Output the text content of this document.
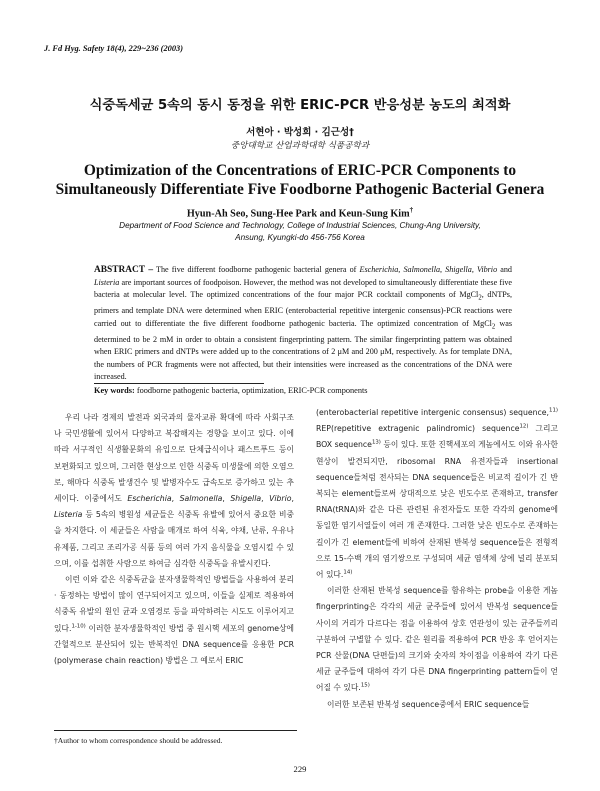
J. Fd Hyg. Safety 18(4), 229~236 (2003)
식중독세균 5속의 동시 동정을 위한 ERIC-PCR 반응성분 농도의 최적화
서현아 · 박성희 · 김근성†
중앙대학교 산업과학대학 식품공학과
Optimization of the Concentrations of ERIC-PCR Components to
Simultaneously Differentiate Five Foodborne Pathogenic Bacterial Genera
Hyun-Ah Seo, Sung-Hee Park and Keun-Sung Kim†
Department of Food Science and Technology, College of Industrial Sciences, Chung-Ang University,
Ansung, Kyungki-do 456-756 Korea
ABSTRACT – The five different foodborne pathogenic bacterial genera of Escherichia, Salmonella, Shigella, Vibrio and Listeria are important sources of foodpoison. However, the method was not developed to simultaneously differentiate these five bacteria at molecular level. The optimized concentrations of the four major PCR cocktail components of MgCl$_2$, dNTPs, primers and template DNA were determined when ERIC (enterobacterial repetitive intergenic consensus)-PCR reactions were carried out to differentiate the five different foodborne pathogenic bacteria. The optimized concentration of MgCl$_2$ was determined to be 2 mM in order to obtain a consistent fingerprinting pattern. The similar fingerprinting pattern was obtained when ERIC primers and dNTPs were added up to the concentrations of 2 μM and 200 μM, respectively. As for template DNA, the numbers of PCR fragments were not affected, but their intensities were increased as the concentrations of the DNA were increased.
Key words: foodborne pathogenic bacteria, optimization, ERIC-PCR components

우리 나라 경제의 발전과 외국과의 물자교류 확대에 따라 사회구조나 국민생활에 있어서 다양하고 복잡해지는 경향을 보이고 있다. 이에 따라 서구적인 식생활문화의 유입으로 단체급식이나 패스트푸드 등이 보편화되고 있으며, 그러한 현상으로 인한 식중독 미생물에 의한 오염으로, 해마다 식중독 발생건수 및 발병자수도 급속도로 증가하고 있는 추세이다. 이중에서도 Escherichia, Salmonella, Shigella, Vibrio, Listeria 등 5속의 병원성 세균들은 식중독 유발에 있어서 중요한 비중을 차지한다. 이 세균들은 사람을 매개로 하여 식육, 야채, 난류, 우유나 유제품, 그리고 조리가공 식품 등의 여러 가지 음식물을 오염시킬 수 있으며, 이를 섭취한 사람으로 하여금 심각한 식중독을 유발시킨다.

이런 이와 같은 식중독균을 분자생물학적인 방법들을 사용하여 분리 · 동정하는 방법이 많이 연구되어지고 있으며, 이들을 실제로 적용하여 식중독 유발의 원인 균과 오염경로 등을 파악하려는 시도도 이루어지고 있다.$^{1-10)}$ 이러한 분자생물학적인 방법 중 원시핵 세포의 genome상에 간헐적으로 분산되어 있는 반복적인 DNA sequence를 응용한 PCR (polymerase chain reaction) 방법은 그 예로서 ERIC

(enterobacterial repetitive intergenic consensus) sequence,$^{11)}$ REP(repetitive extragenic palindromic) sequence$^{12)}$ 그리고 BOX sequence$^{13)}$ 등이 있다. 또한 진핵세포의 게놈에서도 이와 유사한 현상이 발견되지만, ribosomal RNA 유전자들과 insertional sequence들처럼 전사되는 DNA sequence들은 비교적 길이가 긴 반복되는 element들로써 상대적으로 낮은 빈도수로 존재하고, transfer RNA(tRNA)와 같은 다른 관련된 유전자들도 또한 각각의 genome에 동일한 염기서열들이 여러 개 존재한다. 그러한 낮은 빈도수로 존재하는 길이가 긴 element들에 비하여 산재된 반복성 sequence들은 전형적으로 15-수백 개의 염기쌍으로 구성되며 세균 염색체 상에 널리 분포되어 있다.$^{14)}$

이러한 산재된 반복성 sequence를 함유하는 probe을 이용한 게놈 fingerprinting은 각각의 세균 균주들에 있어서 반복성 sequence들 사이의 거리가 다르다는 점을 이용하여 상호 연관성이 있는 균주들끼리 구분하여 구별할 수 있다. 같은 원리를 적용하여 PCR 반응 후 얻어지는 PCR 산물(DNA 단편들)의 크기와 숫자의 차이점을 이용하여 각기 다른 세균 균주들에 대하여 각기 다른 DNA fingerprinting pattern들이 얻어질 수 있다.$^{15)}$

이러한 보존된 반복성 sequence중에서 ERIC sequence들

†Author to whom correspondence should be addressed.
229
